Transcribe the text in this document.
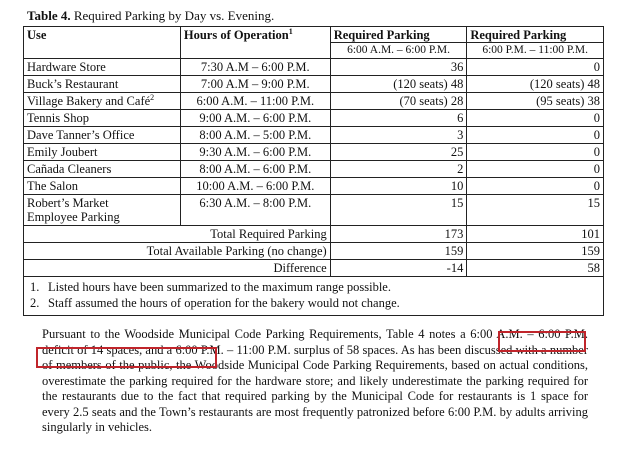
Table 4. Required Parking by Day vs. Evening.
Use	Hours of Operation$^1$	Required Parking	Required Parking
		6:00 A.M. – 6:00 P.M.	6:00 P.M. – 11:00 P.M.
Hardware Store	7:30 A.M – 6:00 P.M.	36	0
Buck’s Restaurant	7:00 A.M – 9:00 P.M.	(120 seats) 48	(120 seats) 48
Village Bakery and Café$^2$	6:00 A.M. – 11:00 P.M.	(70 seats) 28	(95 seats) 38
Tennis Shop	9:00 A.M. – 6:00 P.M.	6	0
Dave Tanner’s Office	8:00 A.M. – 5:00 P.M.	3	0
Emily Joubert	9:30 A.M. – 6:00 P.M.	25	0
Cañada Cleaners	8:00 A.M. – 6:00 P.M.	2	0
The Salon	10:00 A.M. – 6:00 P.M.	10	0
Robert’s Market
Employee Parking	6:30 A.M. – 8:00 P.M.	15	15
Total Required Parking		173	101
Total Available Parking (no change)		159	159
Difference		-14	58

1. Listed hours have been summarized to the maximum range possible.
2. Staff assumed the hours of operation for the bakery would not change.			

Pursuant to the Woodside Municipal Code Parking Requirements, Table 4 notes a 6:00 A.M. – 6:00 P.M. deficit of 14 spaces, and a 6:00 P.M. – 11:00 P.M. surplus of 58 spaces. As has been discussed with a number of members of the public, the Woodside Municipal Code Parking Requirements, based on actual conditions, overestimate the parking required for the hardware store; and likely underestimate the parking required for the restaurants due to the fact that required parking by the Municipal Code for restaurants is 1 space for every 2.5 seats and the Town’s restaurants are most frequently patronized before 6:00 P.M. by adults arriving singularly in vehicles.
